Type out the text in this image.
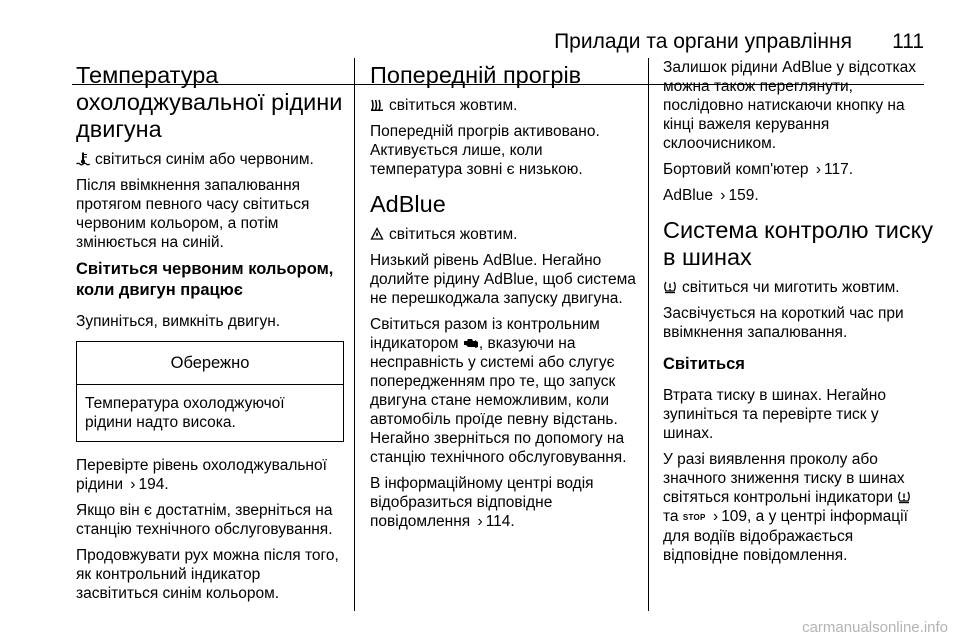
Прилади та органи управління 111
Температура охолоджувальної рідини двигуна

світиться синім або червоним.

Після ввімкнення запалювання протягом певного часу світиться червоним кольором, а потім змінюється на синій.

Світиться червоним кольором, коли двигун працює

Зупиніться, вимкніть двигун.

Обережно
Температура охолоджуючої рідини надто висока.

Перевірте рівень охолоджувальної рідини › 194.

Якщо він є достатнім, зверніться на станцію технічного обслуговування.

Продовжувати рух можна після того, як контрольний індикатор засвітиться синім кольором.

Попередній прогрів

світиться жовтим.

Попередній прогрів активовано. Активується лише, коли температура зовні є низькою.

AdBlue

світиться жовтим.

Низький рівень AdBlue. Негайно долийте рідину AdBlue, щоб система не перешкоджала запуску двигуна.

Світиться разом із контрольним індикатором , вказуючи на несправність у системі або слугує попередженням про те, що запуск двигуна стане неможливим, коли автомобіль проїде певну відстань. Негайно зверніться по допомогу на станцію технічного обслуговування.

В інформаційному центрі водія відобразиться відповідне повідомлення › 114.

Залишок рідини AdBlue у відсотках можна також переглянути, послідовно натискаючи кнопку на кінці важеля керування склоочисником.

Бортовий комп'ютер › 117.

AdBlue › 159.

Система контролю тиску в шинах

світиться чи миготить жовтим.

Засвічується на короткий час при ввімкнення запалювання.

Світиться

Втрата тиску в шинах. Негайно зупиніться та перевірте тиск у шинах.

У разі виявлення проколу або значного зниження тиску в шинах світяться контрольні індикатори

та STOP › 109, а у центрі інформації для водіїв відображається відповідне повідомлення.

carmanualsonline.info
